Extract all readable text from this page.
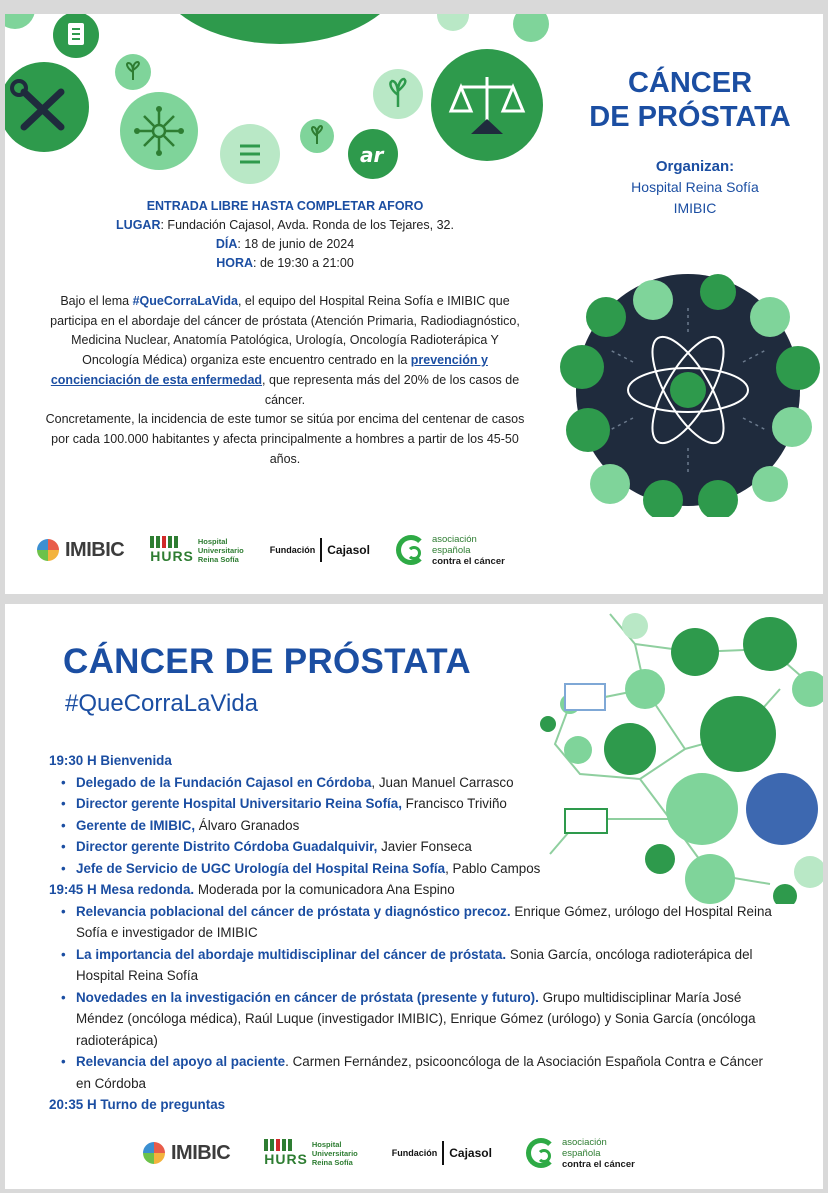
ar
ENTRADA LIBRE HASTA COMPLETAR AFORO
LUGAR: Fundación Cajasol, Avda. Ronda de los Tejares, 32.
DÍA: 18 de junio de 2024
HORA: de 19:30 a 21:00
Bajo el lema #QueCorraLaVida, el equipo del Hospital Reina Sofía e IMIBIC que participa en el abordaje del cáncer de próstata (Atención Primaria, Radiodiagnóstico, Medicina Nuclear, Anatomía Patológica, Urología, Oncología Radioterápica Y Oncología Médica) organiza este encuentro centrado en la prevención y concienciación de esta enfermedad, que representa más del 20% de los casos de cáncer.
Concretamente, la incidencia de este tumor se sitúa por encima del centenar de casos por cada 100.000 habitantes y afecta principalmente a hombres a partir de los 45-50 años.
CÁNCER
DE PRÓSTATA
Organizan:
Hospital Reina Sofía
IMIBIC
IMIBIC HURS
Hospital
Universitario
Reina Sofía
Fundación Cajasol
asociación
española
contra el cáncer
CÁNCER DE PRÓSTATA
#QueCorraLaVida
19:30 H Bienvenida
• Delegado de la Fundación Cajasol en Córdoba, Juan Manuel Carrasco
• Director gerente Hospital Universitario Reina Sofía, Francisco Triviño
• Gerente de IMIBIC, Álvaro Granados
• Director gerente Distrito Córdoba Guadalquivir, Javier Fonseca
• Jefe de Servicio de UGC Urología del Hospital Reina Sofía, Pablo Campos
19:45 H Mesa redonda. Moderada por la comunicadora Ana Espino
• Relevancia poblacional del cáncer de próstata y diagnóstico precoz. Enrique Gómez, urólogo del Hospital Reina Sofía e investigador de IMIBIC
• La importancia del abordaje multidisciplinar del cáncer de próstata. Sonia García, oncóloga radioterápica del Hospital Reina Sofía
• Novedades en la investigación en cáncer de próstata (presente y futuro). Grupo multidisciplinar María José Méndez (oncóloga médica), Raúl Luque (investigador IMIBIC), Enrique Gómez (urólogo) y Sonia García (oncóloga radioterápica)
• Relevancia del apoyo al paciente. Carmen Fernández, psicooncóloga de la Asociación Española Contra e Cáncer en Córdoba
20:35 H Turno de preguntas
IMIBIC HURS
Hospital
Universitario
Reina Sofía
Fundación Cajasol
asociación
española
contra el cáncer
